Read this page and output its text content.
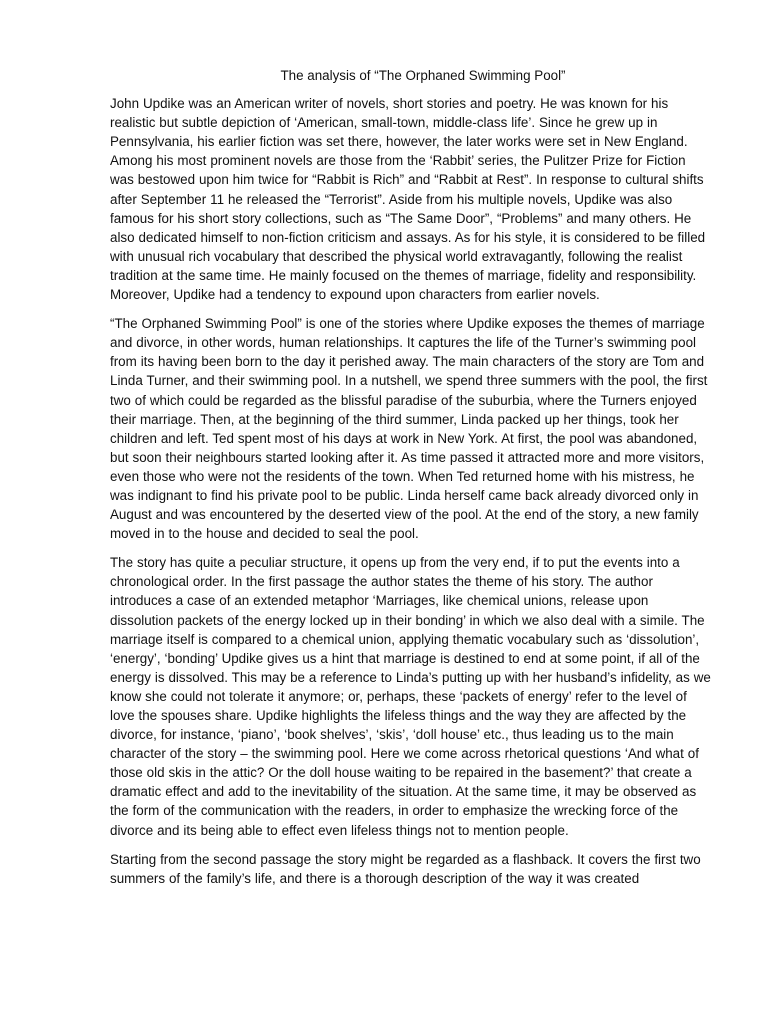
The analysis of “The Orphaned Swimming Pool”

John Updike was an American writer of novels, short stories and poetry. He was known for his realistic but subtle depiction of ‘American, small-town, middle-class life’. Since he grew up in Pennsylvania, his earlier fiction was set there, however, the later works were set in New England. Among his most prominent novels are those from the ‘Rabbit’ series, the Pulitzer Prize for Fiction was bestowed upon him twice for “Rabbit is Rich” and “Rabbit at Rest”. In response to cultural shifts after September 11 he released the “Terrorist”. Aside from his multiple novels, Updike was also famous for his short story collections, such as “The Same Door”, “Problems” and many others. He also dedicated himself to non-fiction criticism and assays. As for his style, it is considered to be filled with unusual rich vocabulary that described the physical world extravagantly, following the realist tradition at the same time. He mainly focused on the themes of marriage, fidelity and responsibility. Moreover, Updike had a tendency to expound upon characters from earlier novels.

“The Orphaned Swimming Pool” is one of the stories where Updike exposes the themes of marriage and divorce, in other words, human relationships. It captures the life of the Turner’s swimming pool from its having been born to the day it perished away. The main characters of the story are Tom and Linda Turner, and their swimming pool. In a nutshell, we spend three summers with the pool, the first two of which could be regarded as the blissful paradise of the suburbia, where the Turners enjoyed their marriage. Then, at the beginning of the third summer, Linda packed up her things, took her children and left. Ted spent most of his days at work in New York. At first, the pool was abandoned, but soon their neighbours started looking after it. As time passed it attracted more and more visitors, even those who were not the residents of the town. When Ted returned home with his mistress, he was indignant to find his private pool to be public. Linda herself came back already divorced only in August and was encountered by the deserted view of the pool. At the end of the story, a new family moved in to the house and decided to seal the pool.

The story has quite a peculiar structure, it opens up from the very end, if to put the events into a chronological order. In the first passage the author states the theme of his story. The author introduces a case of an extended metaphor ‘Marriages, like chemical unions, release upon dissolution packets of the energy locked up in their bonding’ in which we also deal with a simile. The marriage itself is compared to a chemical union, applying thematic vocabulary such as ‘dissolution’, ‘energy’, ‘bonding’ Updike gives us a hint that marriage is destined to end at some point, if all of the energy is dissolved. This may be a reference to Linda’s putting up with her husband’s infidelity, as we know she could not tolerate it anymore; or, perhaps, these ‘packets of energy’ refer to the level of love the spouses share. Updike highlights the lifeless things and the way they are affected by the divorce, for instance, ‘piano’, ‘book shelves’, ‘skis’, ‘doll house’ etc., thus leading us to the main character of the story – the swimming pool. Here we come across rhetorical questions ‘And what of those old skis in the attic? Or the doll house waiting to be repaired in the basement?’ that create a dramatic effect and add to the inevitability of the situation. At the same time, it may be observed as the form of the communication with the readers, in order to emphasize the wrecking force of the divorce and its being able to effect even lifeless things not to mention people.

Starting from the second passage the story might be regarded as a flashback. It covers the first two summers of the family’s life, and there is a thorough description of the way it was created
